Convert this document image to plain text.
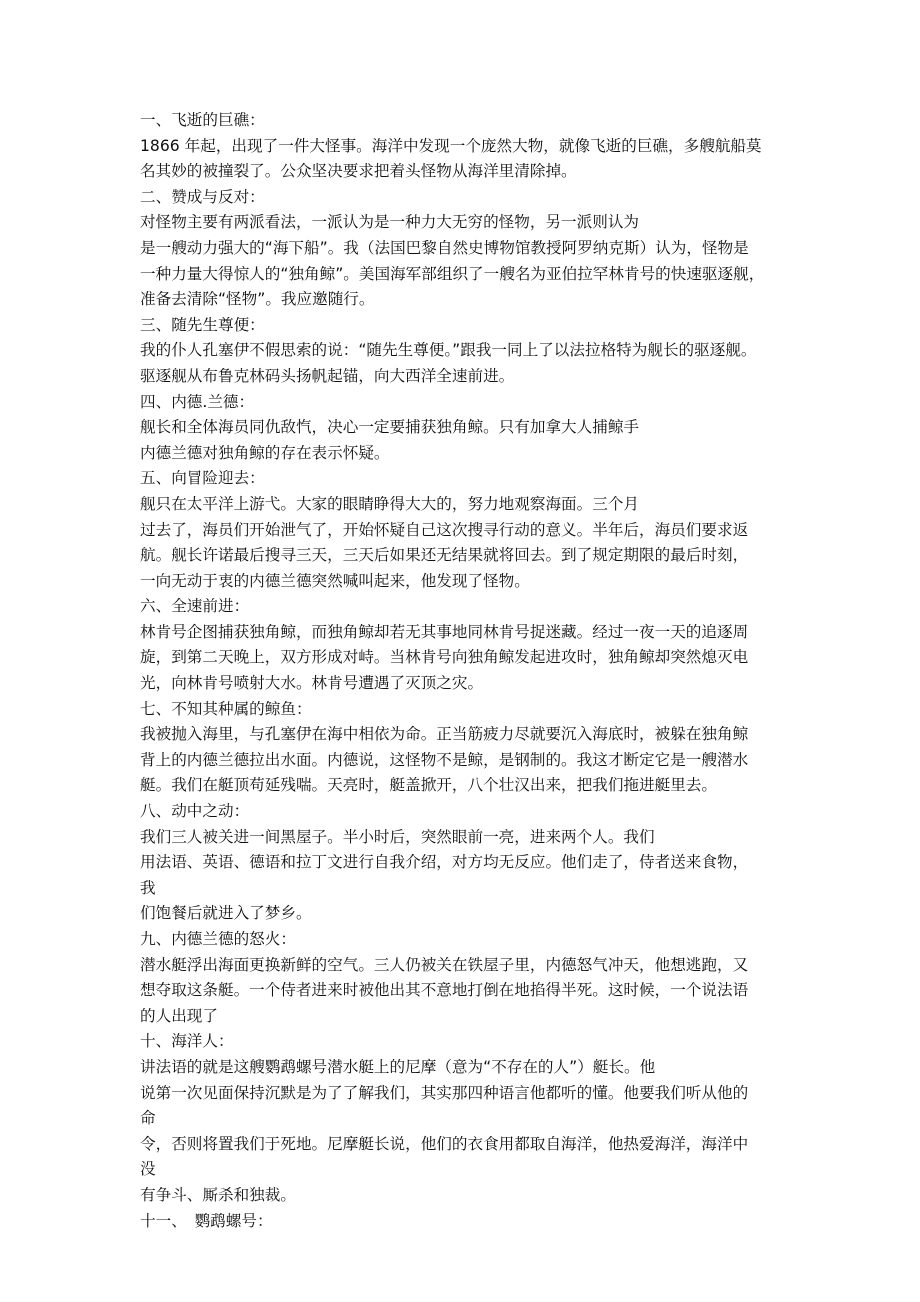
一、飞逝的巨礁：
1866 年起，出现了一件大怪事。海洋中发现一个庞然大物，就像飞逝的巨礁，多艘航船莫
名其妙的被撞裂了。公众坚决要求把着头怪物从海洋里清除掉。
二、赞成与反对：
对怪物主要有两派看法，一派认为是一种力大无穷的怪物，另一派则认为
是一艘动力强大的“海下船”。我（法国巴黎自然史博物馆教授阿罗纳克斯）认为，怪物是
一种力量大得惊人的“独角鲸”。美国海军部组织了一艘名为亚伯拉罕林肯号的快速驱逐舰，
准备去清除“怪物”。我应邀随行。
三、随先生尊便：
我的仆人孔塞伊不假思索的说：“随先生尊便。”跟我一同上了以法拉格特为舰长的驱逐舰。
驱逐舰从布鲁克林码头扬帆起锚，向大西洋全速前进。
四、内德.兰德：
舰长和全体海员同仇敌忾，决心一定要捕获独角鲸。只有加拿大人捕鲸手
内德兰德对独角鲸的存在表示怀疑。
五、向冒险迎去：
舰只在太平洋上游弋。大家的眼睛睁得大大的，努力地观察海面。三个月
过去了，海员们开始泄气了，开始怀疑自己这次搜寻行动的意义。半年后，海员们要求返
航。舰长许诺最后搜寻三天，三天后如果还无结果就将回去。到了规定期限的最后时刻，
一向无动于衷的内德兰德突然喊叫起来，他发现了怪物。
六、全速前进：
林肯号企图捕获独角鲸，而独角鲸却若无其事地同林肯号捉迷藏。经过一夜一天的追逐周
旋，到第二天晚上，双方形成对峙。当林肯号向独角鲸发起进攻时，独角鲸却突然熄灭电
光，向林肯号喷射大水。林肯号遭遇了灭顶之灾。
七、不知其种属的鲸鱼：
我被抛入海里，与孔塞伊在海中相依为命。正当筋疲力尽就要沉入海底时，被躲在独角鲸
背上的内德兰德拉出水面。内德说，这怪物不是鲸，是钢制的。我这才断定它是一艘潜水
艇。我们在艇顶苟延残喘。天亮时，艇盖掀开，八个壮汉出来，把我们拖进艇里去。
八、动中之动：
我们三人被关进一间黑屋子。半小时后，突然眼前一亮，进来两个人。我们
用法语、英语、德语和拉丁文进行自我介绍，对方均无反应。他们走了，侍者送来食物，
我
们饱餐后就进入了梦乡。
九、内德兰德的怒火：
潜水艇浮出海面更换新鲜的空气。三人仍被关在铁屋子里，内德怒气冲天，他想逃跑，又
想夺取这条艇。一个侍者进来时被他出其不意地打倒在地掐得半死。这时候，一个说法语
的人出现了
十、海洋人：
讲法语的就是这艘鹦鹉螺号潜水艇上的尼摩（意为“不存在的人”）艇长。他
说第一次见面保持沉默是为了了解我们，其实那四种语言他都听的懂。他要我们听从他的
命
令，否则将置我们于死地。尼摩艇长说，他们的衣食用都取自海洋，他热爱海洋，海洋中
没
有争斗、厮杀和独裁。
十一、　鹦鹉螺号：
